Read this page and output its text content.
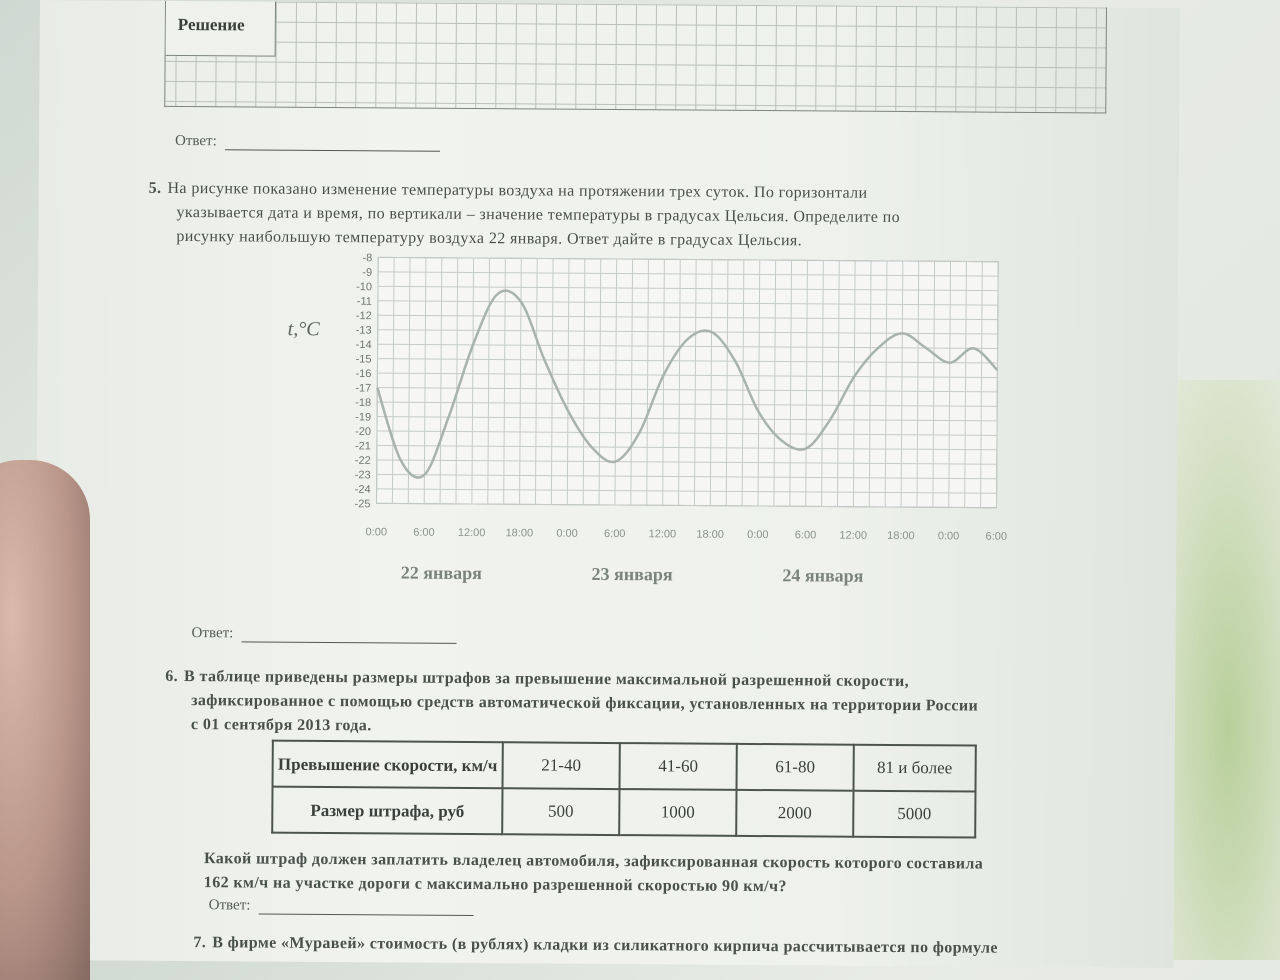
Решение
Ответ:
5. На рисунке показано изменение температуры воздуха на протяжении трех суток. По горизонтали
указывается дата и время, по вертикали – значение температуры в градусах Цельсия. Определите по
рисунку наибольшую температуру воздуха 22 января. Ответ дайте в градусах Цельсия.
-8
-9
-10
-11
-12
-13
-14
-15
-16
-17
-18
-19
-20
-21
-22
-23
-24
-25
t,°C
0:00 6:00 12:00 18:00 0:00 6:00 12:00 18:00 0:00 6:00 12:00 18:00 0:00 6:00
22 января	23 января	24 января
Ответ:
6. В таблице приведены размеры штрафов за превышение максимальной разрешенной скорости,
зафиксированное с помощью средств автоматической фиксации, установленных на территории России
с 01 сентября 2013 года.
Превышение скорости, км/ч	21-40	41-60	61-80	81 и более
Размер штрафа, руб	500	1000	2000	5000
Какой штраф должен заплатить владелец автомобиля, зафиксированная скорость которого составила
162 км/ч на участке дороги с максимально разрешенной скоростью 90 км/ч?
Ответ:
7. В фирме «Муравей» стоимость (в рублях) кладки из силикатного кирпича рассчитывается по формуле
